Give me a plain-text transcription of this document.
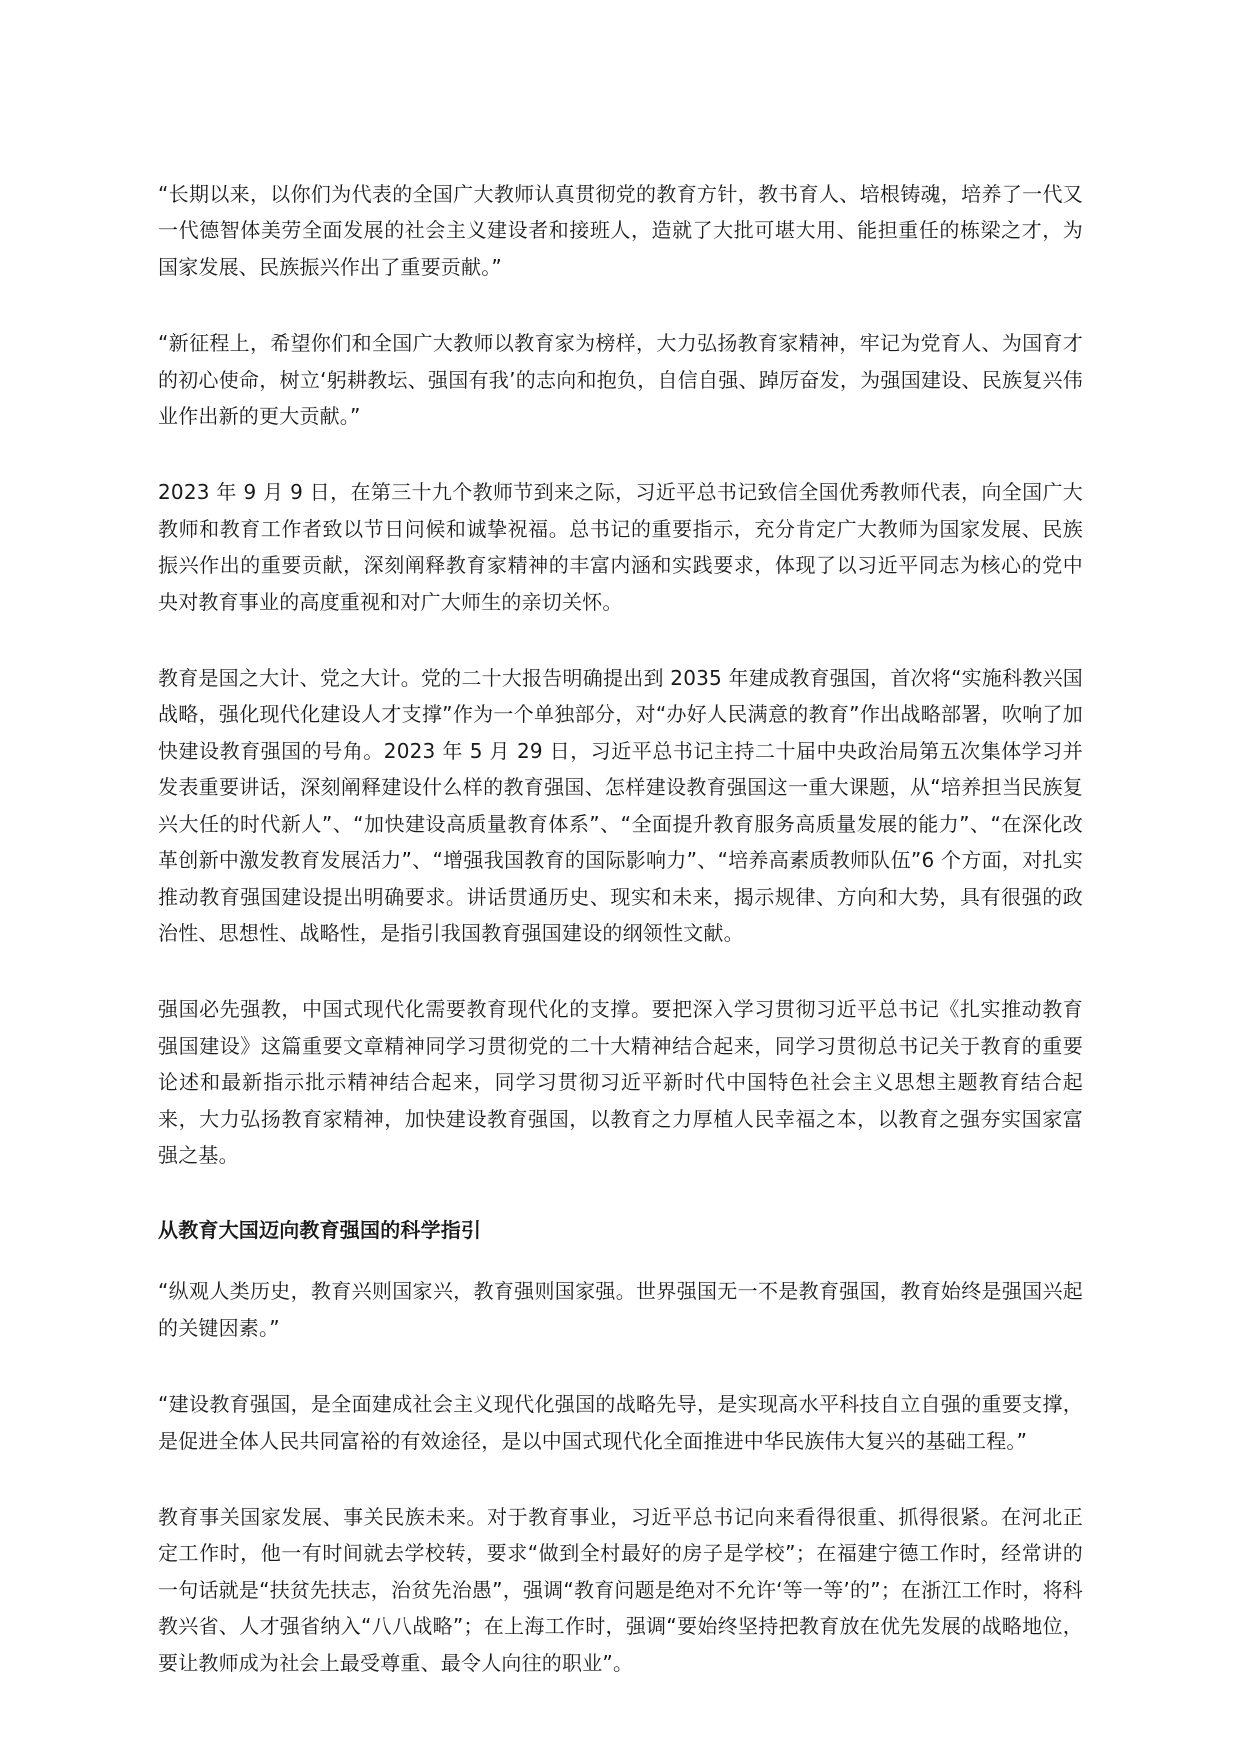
“长期以来，以你们为代表的全国广大教师认真贯彻党的教育方针，教书育人、培根铸魂，培养了一代又一代德智体美劳全面发展的社会主义建设者和接班人，造就了大批可堪大用、能担重任的栋梁之才，为国家发展、民族振兴作出了重要贡献。”

“新征程上，希望你们和全国广大教师以教育家为榜样，大力弘扬教育家精神，牢记为党育人、为国育才的初心使命，树立‘躬耕教坛、强国有我’的志向和抱负，自信自强、踔厉奋发，为强国建设、民族复兴伟业作出新的更大贡献。”

2023 年 9 月 9 日，在第三十九个教师节到来之际，习近平总书记致信全国优秀教师代表，向全国广大教师和教育工作者致以节日问候和诚挚祝福。总书记的重要指示，充分肯定广大教师为国家发展、民族振兴作出的重要贡献，深刻阐释教育家精神的丰富内涵和实践要求，体现了以习近平同志为核心的党中央对教育事业的高度重视和对广大师生的亲切关怀。

教育是国之大计、党之大计。党的二十大报告明确提出到 2035 年建成教育强国，首次将“实施科教兴国战略，强化现代化建设人才支撑”作为一个单独部分，对“办好人民满意的教育”作出战略部署，吹响了加快建设教育强国的号角。2023 年 5 月 29 日，习近平总书记主持二十届中央政治局第五次集体学习并发表重要讲话，深刻阐释建设什么样的教育强国、怎样建设教育强国这一重大课题，从“培养担当民族复兴大任的时代新人”、“加快建设高质量教育体系”、“全面提升教育服务高质量发展的能力”、“在深化改革创新中激发教育发展活力”、“增强我国教育的国际影响力”、“培养高素质教师队伍”6 个方面，对扎实推动教育强国建设提出明确要求。讲话贯通历史、现实和未来，揭示规律、方向和大势，具有很强的政治性、思想性、战略性，是指引我国教育强国建设的纲领性文献。

强国必先强教，中国式现代化需要教育现代化的支撑。要把深入学习贯彻习近平总书记《扎实推动教育强国建设》这篇重要文章精神同学习贯彻党的二十大精神结合起来，同学习贯彻总书记关于教育的重要论述和最新指示批示精神结合起来，同学习贯彻习近平新时代中国特色社会主义思想主题教育结合起来，大力弘扬教育家精神，加快建设教育强国，以教育之力厚植人民幸福之本，以教育之强夯实国家富强之基。

从教育大国迈向教育强国的科学指引

“纵观人类历史，教育兴则国家兴，教育强则国家强。世界强国无一不是教育强国，教育始终是强国兴起的关键因素。”

“建设教育强国，是全面建成社会主义现代化强国的战略先导，是实现高水平科技自立自强的重要支撑，是促进全体人民共同富裕的有效途径，是以中国式现代化全面推进中华民族伟大复兴的基础工程。”

教育事关国家发展、事关民族未来。对于教育事业，习近平总书记向来看得很重、抓得很紧。在河北正定工作时，他一有时间就去学校转，要求“做到全村最好的房子是学校”；在福建宁德工作时，经常讲的一句话就是“扶贫先扶志，治贫先治愚”，强调“教育问题是绝对不允许‘等一等’的”；在浙江工作时，将科教兴省、人才强省纳入“八八战略”；在上海工作时，强调“要始终坚持把教育放在优先发展的战略地位，要让教师成为社会上最受尊重、最令人向往的职业”。
